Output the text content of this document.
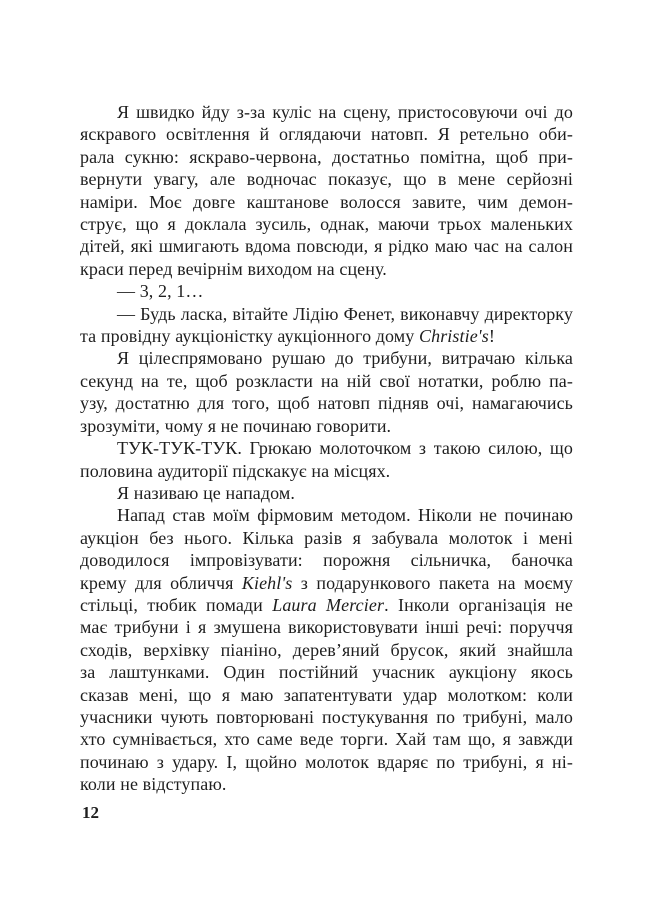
Я швидко йду з-за куліс на сцену, пристосовуючи очі до
яскравого освітлення й оглядаючи натовп. Я ретельно оби-
рала сукню: яскраво-червона, достатньо помітна, щоб при-
вернути увагу, але водночас показує, що в мене серйозні
наміри. Моє довге каштанове волосся завите, чим демон-
струє, що я доклала зусиль, однак, маючи трьох маленьких
дітей, які шмигають вдома повсюди, я рідко маю час на салон
краси перед вечірнім виходом на сцену.

— 3, 2, 1…

— Будь ласка, вітайте Лідію Фенет, виконавчу директорку
та провідну аукціоністку аукціонного дому Christie's!

Я цілеспрямовано рушаю до трибуни, витрачаю кілька
секунд на те, щоб розкласти на ній свої нотатки, роблю па-
узу, достатню для того, щоб натовп підняв очі, намагаючись
зрозуміти, чому я не починаю говорити.

ТУК-ТУК-ТУК. Грюкаю молоточком з такою силою, що
половина аудиторії підскакує на місцях.

Я називаю це нападом.

Напад став моїм фірмовим методом. Ніколи не починаю
аукціон без нього. Кілька разів я забувала молоток і мені
доводилося імпровізувати: порожня сільничка, баночка
крему для обличчя Kiehl's з подарункового пакета на моєму
стільці, тюбик помади Laura Mercier. Інколи організація не
має трибуни і я змушена використовувати інші речі: поруччя
сходів, верхівку піаніно, дерев’яний брусок, який знайшла
за лаштунками. Один постійний учасник аукціону якось
сказав мені, що я маю запатентувати удар молотком: коли
учасники чують повторювані постукування по трибуні, мало
хто сумнівається, хто саме веде торги. Хай там що, я завжди
починаю з удару. І, щойно молоток вдаряє по трибуні, я ні-
коли не відступаю.

12
